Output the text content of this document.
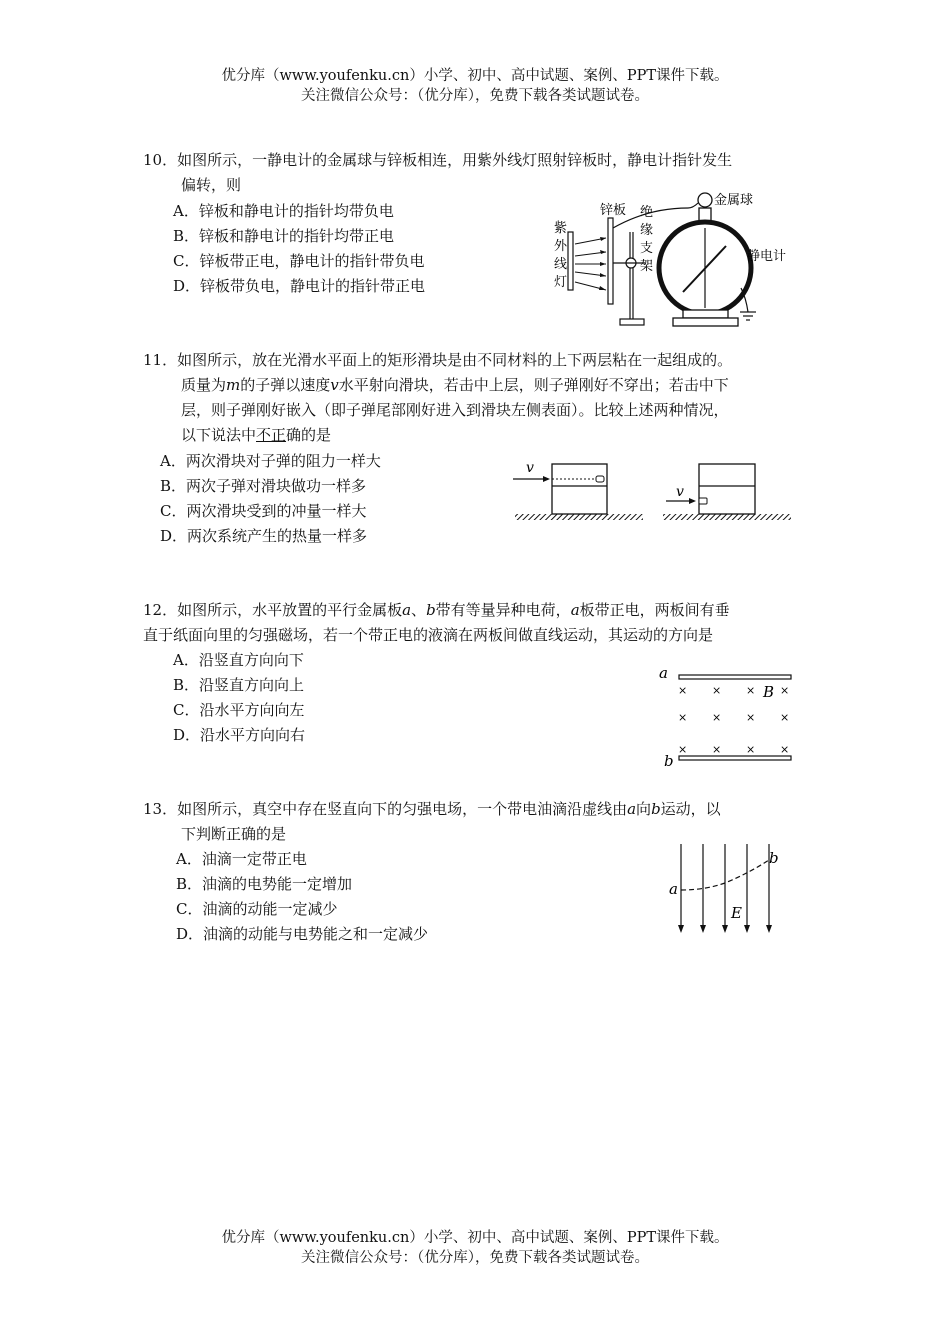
优分库（www.youfenku.cn）小学、初中、高中试题、案例、PPT课件下载。
关注微信公众号：（优分库），免费下载各类试题试卷。
10．如图所示，一静电计的金属球与锌板相连，用紫外线灯照射锌板时，静电计指针发生
偏转，则
A．锌板和静电计的指针均带负电
B．锌板和静电计的指针均带正电
C．锌板带正电，静电计的指针带负电
D．锌板带负电，静电计的指针带正电
紫
外
线
灯
锌板 绝
缘
支
架
金属球
静电计
11．如图所示，放在光滑水平面上的矩形滑块是由不同材料的上下两层粘在一起组成的。
质量为m的子弹以速度v水平射向滑块，若击中上层，则子弹刚好不穿出；若击中下
层，则子弹刚好嵌入（即子弹尾部刚好进入到滑块左侧表面）。比较上述两种情况，
以下说法中不正确的是
A．两次滑块对子弹的阻力一样大
B．两次子弹对滑块做功一样多
C．两次滑块受到的冲量一样大
D．两次系统产生的热量一样多
v
v
12．如图所示，水平放置的平行金属板a、b带有等量异种电荷，a板带正电，两板间有垂
直于纸面向里的匀强磁场，若一个带正电的液滴在两板间做直线运动，其运动的方向是
A．沿竖直方向向下
B．沿竖直方向向上
C．沿水平方向向左
D．沿水平方向向右
a
b
× × × ×
× × × ×
× × × ×
B
13．如图所示，真空中存在竖直向下的匀强电场，一个带电油滴沿虚线由a向b运动，以
下判断正确的是
A．油滴一定带正电
B．油滴的电势能一定增加
C．油滴的动能一定减少
D．油滴的动能与电势能之和一定减少
a
b
E
优分库（www.youfenku.cn）小学、初中、高中试题、案例、PPT课件下载。
关注微信公众号：（优分库），免费下载各类试题试卷。
